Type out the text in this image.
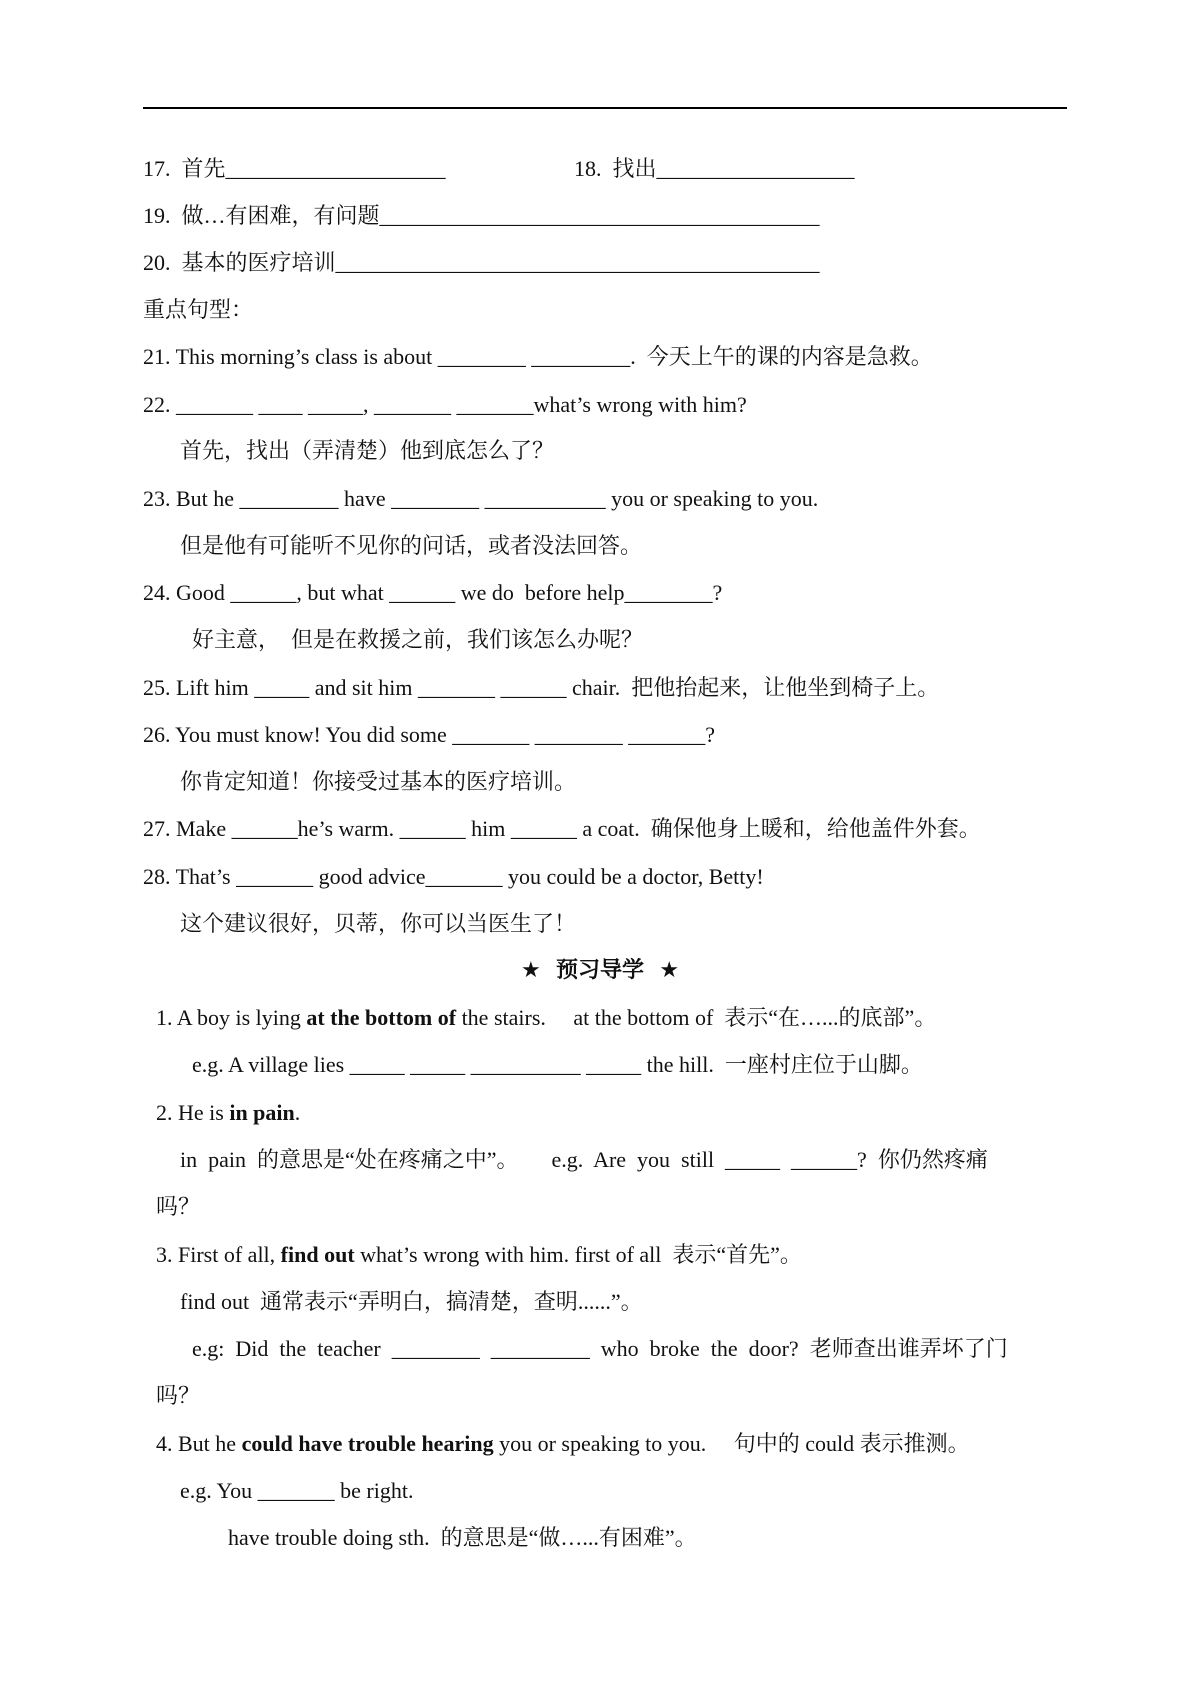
17.  首先____________________	18.  找出__________________
19.  做…有困难，有问题________________________________________
20.  基本的医疗培训____________________________________________
重点句型：
21. This morning’s class is about ________ _________.  今天上午的课的内容是急救。
22. _______ ____ _____, _______ _______what’s wrong with him?
首先，找出（弄清楚）他到底怎么了？
23. But he _________ have ________ ___________ you or speaking to you.
但是他有可能听不见你的问话，或者没法回答。
24. Good ______, but what ______ we do  before help________?
好主意，  但是在救援之前，我们该怎么办呢？
25. Lift him _____ and sit him _______ ______ chair.  把他抬起来，让他坐到椅子上。
26. You must know! You did some _______ ________ _______?
你肯定知道！你接受过基本的医疗培训。
27. Make ______he’s warm. ______ him ______ a coat.  确保他身上暖和，给他盖件外套。
28. That’s _______ good advice_______ you could be a doctor, Betty!
这个建议很好，贝蒂，你可以当医生了！
★  预习导学  ★
1. A boy is lying at the bottom of the stairs.     at the bottom of  表示“在…...的底部”。
e.g. A village lies _____ _____ __________ _____ the hill.  一座村庄位于山脚。
2. He is in pain.
in  pain  的意思是“处在疼痛之中”。      e.g.  Are  you  still  _____  ______?  你仍然疼痛
吗？
3. First of all, find out what’s wrong with him. first of all  表示“首先”。
find out  通常表示“弄明白，搞清楚，查明......”。
e.g:  Did  the  teacher  ________  _________  who  broke  the  door?  老师查出谁弄坏了门
吗？
4. But he could have trouble hearing you or speaking to you.     句中的 could 表示推测。
e.g. You _______ be right.
have trouble doing sth.  的意思是“做…...有困难”。
